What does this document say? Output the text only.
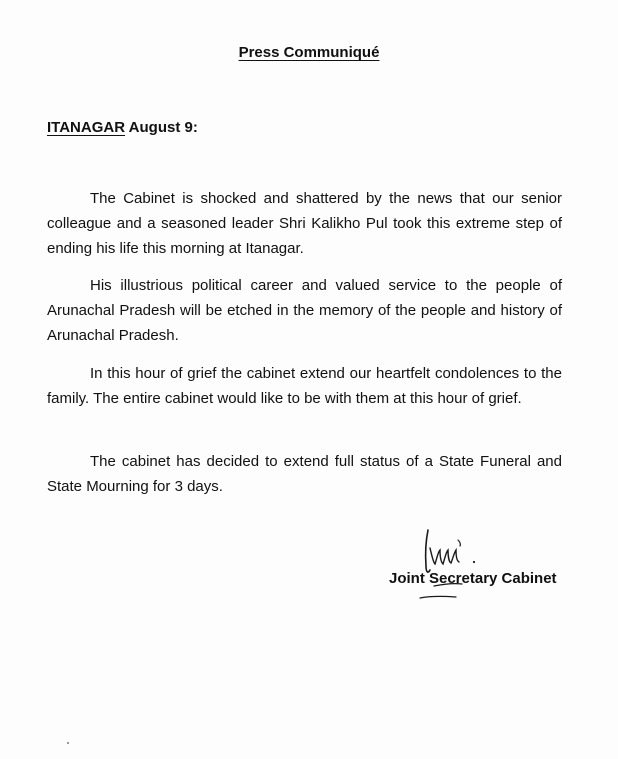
Press Communiqué
ITANAGAR August 9:

The Cabinet is shocked and shattered by the news that our senior colleague and a seasoned leader Shri Kalikho Pul took this extreme step of ending his life this morning at Itanagar.

His illustrious political career and valued service to the people of Arunachal Pradesh will be etched in the memory of the people and history of Arunachal Pradesh.

In this hour of grief the cabinet extend our heartfelt condolences to the family. The entire cabinet would like to be with them at this hour of grief.

The cabinet has decided to extend full status of a State Funeral and State Mourning for 3 days.

Joint Secretary Cabinet
